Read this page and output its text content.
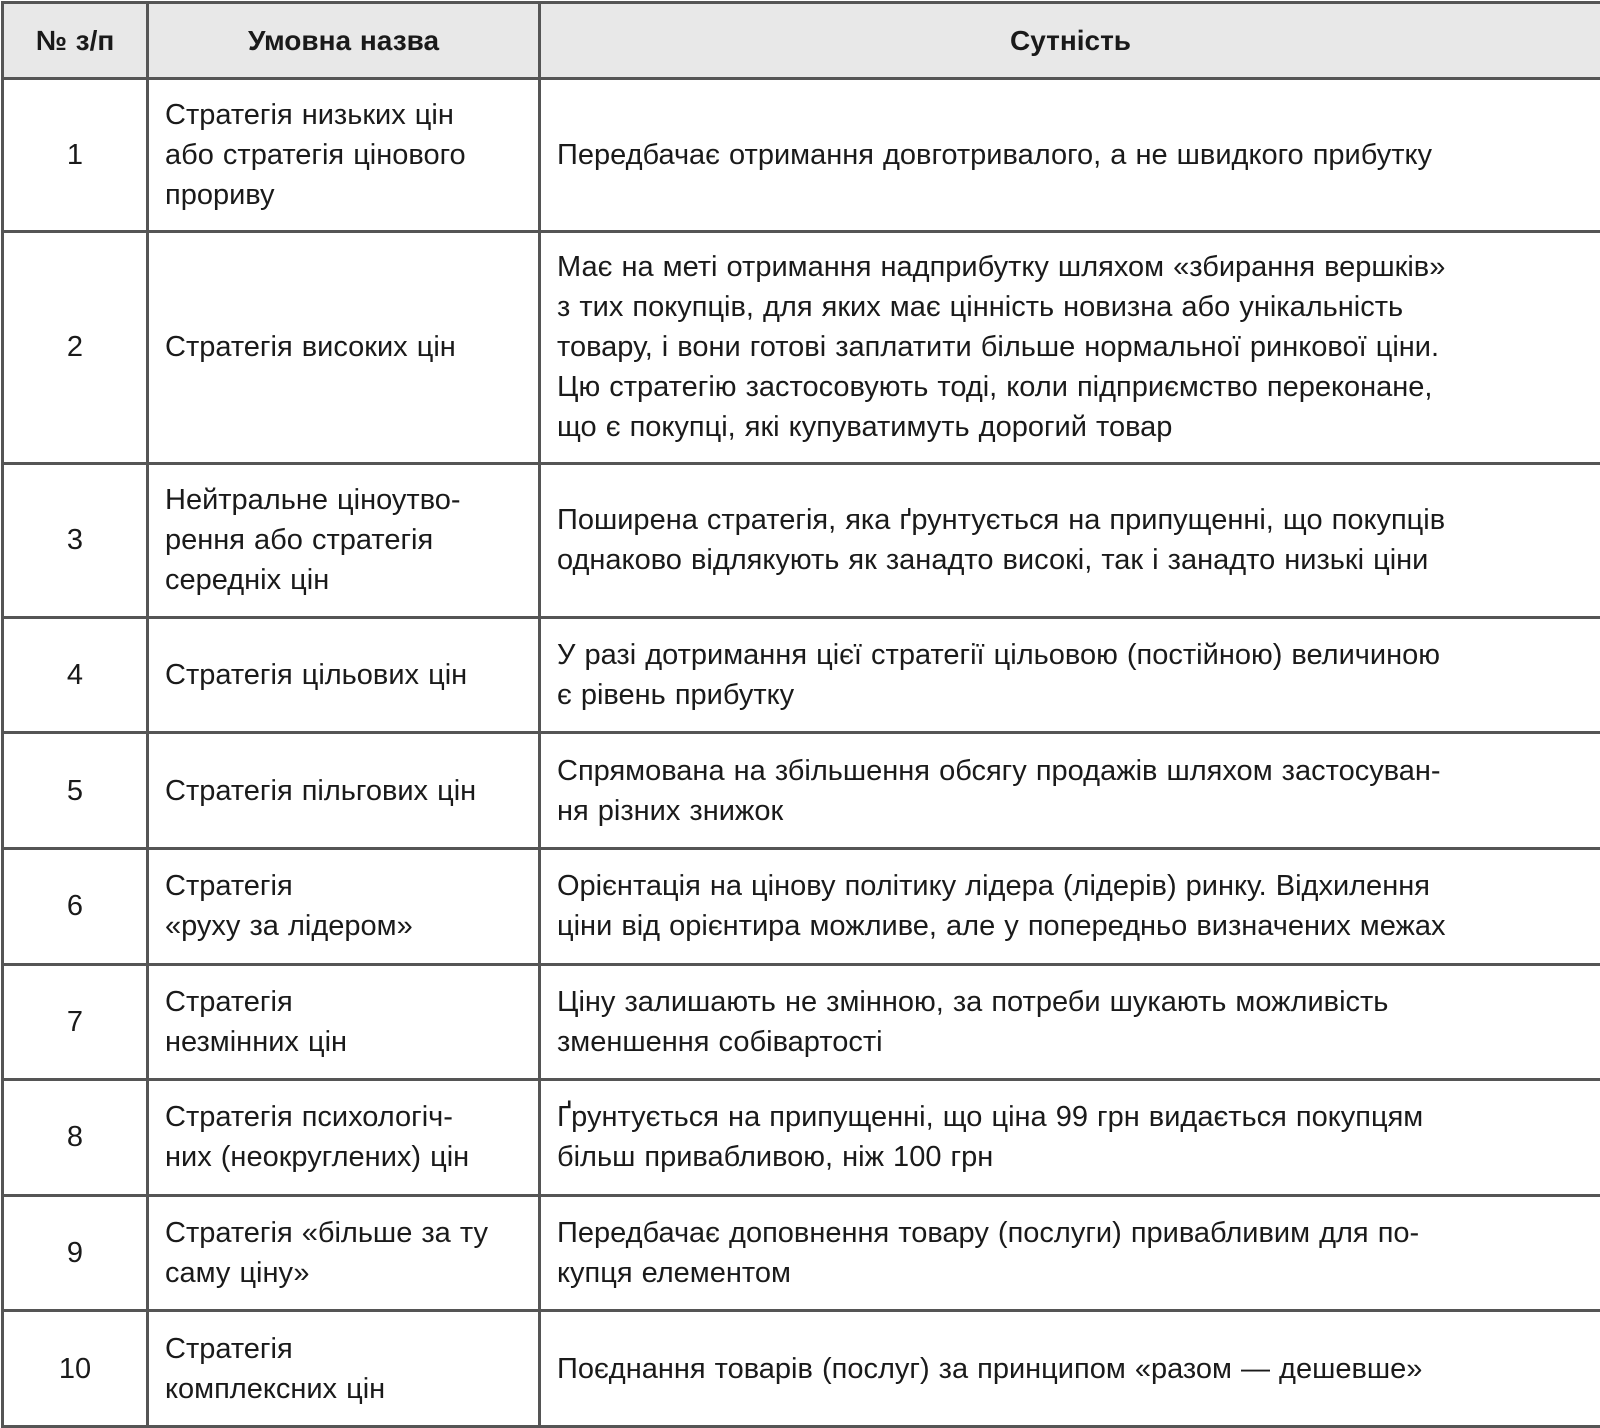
№ з/п	Умовна назва	Сутність
1	Стратегія низьких цін
або стратегія цінового
прориву	Передбачає отримання довготривалого, а не швидкого прибутку

2	Стратегія високих цін	Має на меті отримання надприбутку шляхом «збирання вершків»
з тих покупців, для яких має цінність новизна або унікальність
товару, і вони готові заплатити більше нормальної ринкової ціни.
Цю стратегію застосовують тоді, коли підприємство переконане,
що є покупці, які купуватимуть дорогий товар

3	Нейтральне ціноутво-
рення або стратегія
середніх цін	Поширена стратегія, яка ґрунтується на припущенні, що покупців
однаково відлякують як занадто високі, так і занадто низькі ціни

4	Стратегія цільових цін	У разі дотримання цієї стратегії цільовою (постійною) величиною
є рівень прибутку

5	Стратегія пільгових цін	Спрямована на збільшення обсягу продажів шляхом застосуван-
ня різних знижок

6	Стратегія
«руху за лідером»	Орієнтація на цінову політику лідера (лідерів) ринку. Відхилення
ціни від орієнтира можливе, але у попередньо визначених межах

7	Стратегія
незмінних цін	Ціну залишають не змінною, за потреби шукають можливість
зменшення собівартості

8	Стратегія психологіч-
них (неокруглених) цін	Ґрунтується на припущенні, що ціна 99 грн видається покупцям
більш привабливою, ніж 100 грн

9	Стратегія «більше за ту
саму ціну»	Передбачає доповнення товару (послуги) привабливим для по-
купця елементом

10	Стратегія
комплексних цін	Поєднання товарів (послуг) за принципом «разом — дешевше»
